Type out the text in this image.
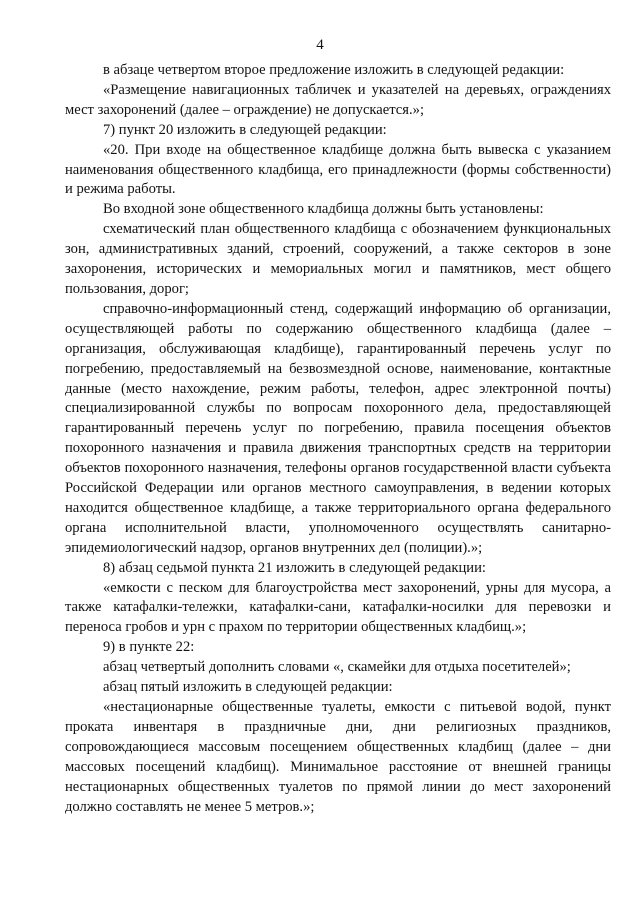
4

в абзаце четвертом второе предложение изложить в следующей редакции:

«Размещение навигационных табличек и указателей на деревьях, ограждениях мест захоронений (далее – ограждение) не допускается.»;

7) пункт 20 изложить в следующей редакции:

«20. При входе на общественное кладбище должна быть вывеска с указанием наименования общественного кладбища, его принадлежности (формы собственности) и режима работы.

Во входной зоне общественного кладбища должны быть установлены:

схематический план общественного кладбища с обозначением функциональных зон, административных зданий, строений, сооружений, а также секторов в зоне захоронения, исторических и мемориальных могил и памятников, мест общего пользования, дорог;

справочно-информационный стенд, содержащий информацию об организации, осуществляющей работы по содержанию общественного кладбища (далее – организация, обслуживающая кладбище), гарантированный перечень услуг по погребению, предоставляемый на безвозмездной основе, наименование, контактные данные (место нахождение, режим работы, телефон, адрес электронной почты) специализированной службы по вопросам похоронного дела, предоставляющей гарантированный перечень услуг по погребению, правила посещения объектов похоронного назначения и правила движения транспортных средств на территории объектов похоронного назначения, телефоны органов государственной власти субъекта Российской Федерации или органов местного самоуправления, в ведении которых находится общественное кладбище, а также территориального органа федерального органа исполнительной власти, уполномоченного осуществлять санитарно-эпидемиологический надзор, органов внутренних дел (полиции).»;

8) абзац седьмой пункта 21 изложить в следующей редакции:

«емкости с песком для благоустройства мест захоронений, урны для мусора, а также катафалки-тележки, катафалки-сани, катафалки-носилки для перевозки и переноса гробов и урн с прахом по территории общественных кладбищ.»;

9) в пункте 22:

абзац четвертый дополнить словами «, скамейки для отдыха посетителей»;

абзац пятый изложить в следующей редакции:

«нестационарные общественные туалеты, емкости с питьевой водой, пункт проката инвентаря в праздничные дни, дни религиозных праздников, сопровождающиеся массовым посещением общественных кладбищ (далее – дни массовых посещений кладбищ). Минимальное расстояние от внешней границы нестационарных общественных туалетов по прямой линии до мест захоронений должно составлять не менее 5 метров.»;
